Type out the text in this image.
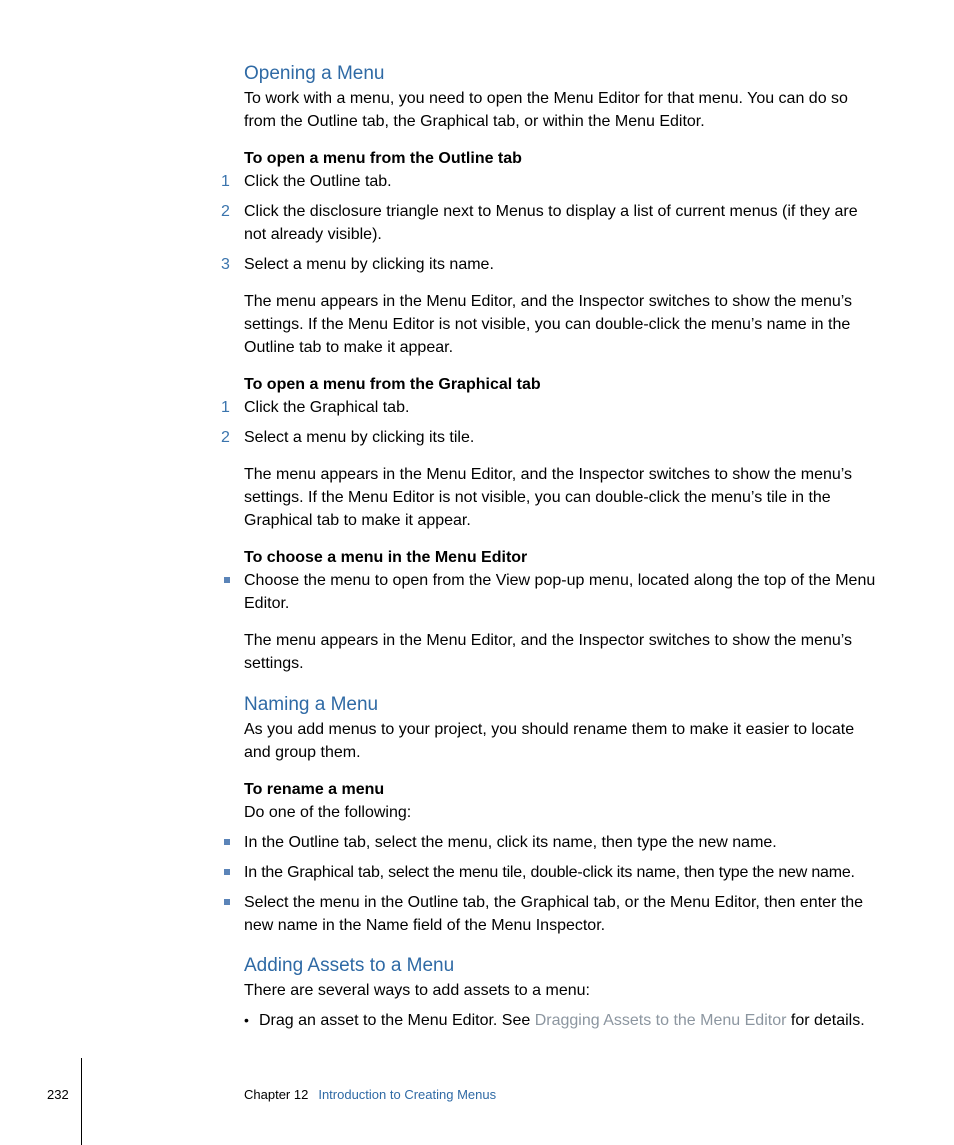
Opening a Menu
To work with a menu, you need to open the Menu Editor for that menu. You can do so from the Outline tab, the Graphical tab, or within the Menu Editor.
To open a menu from the Outline tab
1 Click the Outline tab.
2 Click the disclosure triangle next to Menus to display a list of current menus (if they are not already visible).
3 Select a menu by clicking its name.
The menu appears in the Menu Editor, and the Inspector switches to show the menu’s settings. If the Menu Editor is not visible, you can double-click the menu’s name in the Outline tab to make it appear.
To open a menu from the Graphical tab
1 Click the Graphical tab.
2 Select a menu by clicking its tile.
The menu appears in the Menu Editor, and the Inspector switches to show the menu’s settings. If the Menu Editor is not visible, you can double-click the menu’s tile in the Graphical tab to make it appear.
To choose a menu in the Menu Editor
Choose the menu to open from the View pop-up menu, located along the top of the Menu Editor.
The menu appears in the Menu Editor, and the Inspector switches to show the menu’s settings.
Naming a Menu
As you add menus to your project, you should rename them to make it easier to locate and group them.
To rename a menu
Do one of the following:
In the Outline tab, select the menu, click its name, then type the new name.
In the Graphical tab, select the menu tile, double-click its name, then type the new name.
Select the menu in the Outline tab, the Graphical tab, or the Menu Editor, then enter the new name in the Name field of the Menu Inspector.
Adding Assets to a Menu
There are several ways to add assets to a menu:
• Drag an asset to the Menu Editor. See Dragging Assets to the Menu Editor for details.
232	Chapter 12 Introduction to Creating Menus
